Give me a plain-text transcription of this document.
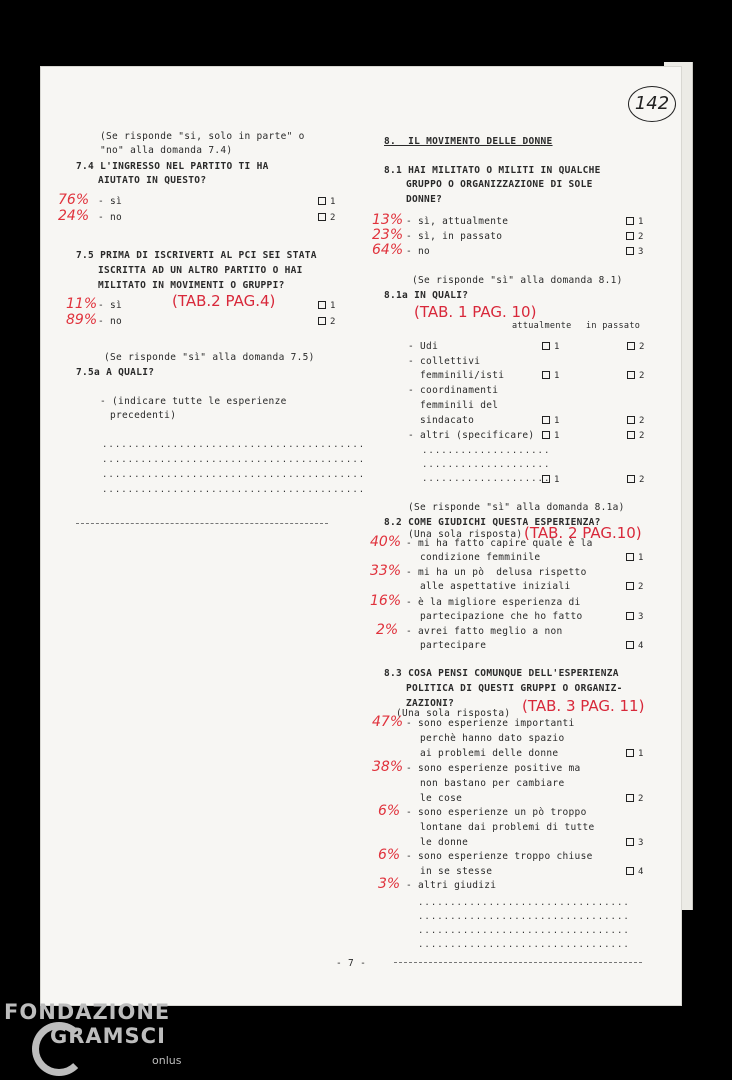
142
(Se risponde "si, solo in parte" o
"no" alla domanda 7.4)
7.4 L'INGRESSO NEL PARTITO TI HA
AIUTATO IN QUESTO?
76% - sì	1
24% - no	2
7.5 PRIMA DI ISCRIVERTI AL PCI SEI STATA
ISCRITTA AD UN ALTRO PARTITO O HAI
MILITATO IN MOVIMENTI O GRUPPI?
(TAB.2 PAG.4)
11% - sì	1
89% - no	2
(Se risponde "sì" alla domanda 7.5)
7.5a A QUALI?
- (indicare tutte le esperienze
precedenti)
.........................................
.........................................
.........................................
.........................................
8.  IL MOVIMENTO DELLE DONNE
8.1 HAI MILITATO O MILITI IN QUALCHE
GRUPPO O ORGANIZZAZIONE DI SOLE
DONNE?
13% - sì, attualmente	1
23% - sì, in passato	2
64% - no	3
(Se risponde "sì" alla domanda 8.1)
8.1a IN QUALI?
(TAB. 1 PAG. 10)
attualmente in passato
- Udi	1	2
- collettivi
femminili/isti	1	2
- coordinamenti
femminili del
sindacato	1	2
- altri (specificare)	1	2
....................
....................
.................... 1	2
(Se risponde "sì" alla domanda 8.1a)
8.2 COME GIUDICHI QUESTA ESPERIENZA?
(Una sola risposta) (TAB. 2 PAG.10)
40% - mi ha fatto capire quale è la
condizione femminile	1
33% - mi ha un pò  delusa rispetto
alle aspettative iniziali	2
16% - è la migliore esperienza di
partecipazione che ho fatto	3
2% - avrei fatto meglio a non
partecipare	4
8.3 COSA PENSI COMUNQUE DELL'ESPERIENZA
POLITICA DI QUESTI GRUPPI O ORGANIZ-
ZAZIONI?
(Una sola risposta) (TAB. 3 PAG. 11)
47% - sono esperienze importanti
perchè hanno dato spazio
ai problemi delle donne	1
38% - sono esperienze positive ma
non bastano per cambiare
le cose	2
6% - sono esperienze un pò troppo
lontane dai problemi di tutte
le donne	3
6% - sono esperienze troppo chiuse
in se stesse	4
3% - altri giudizi
.................................
.................................
.................................
.................................
- 7 -
FONDAZIONE
GRAMSCI
onlus
